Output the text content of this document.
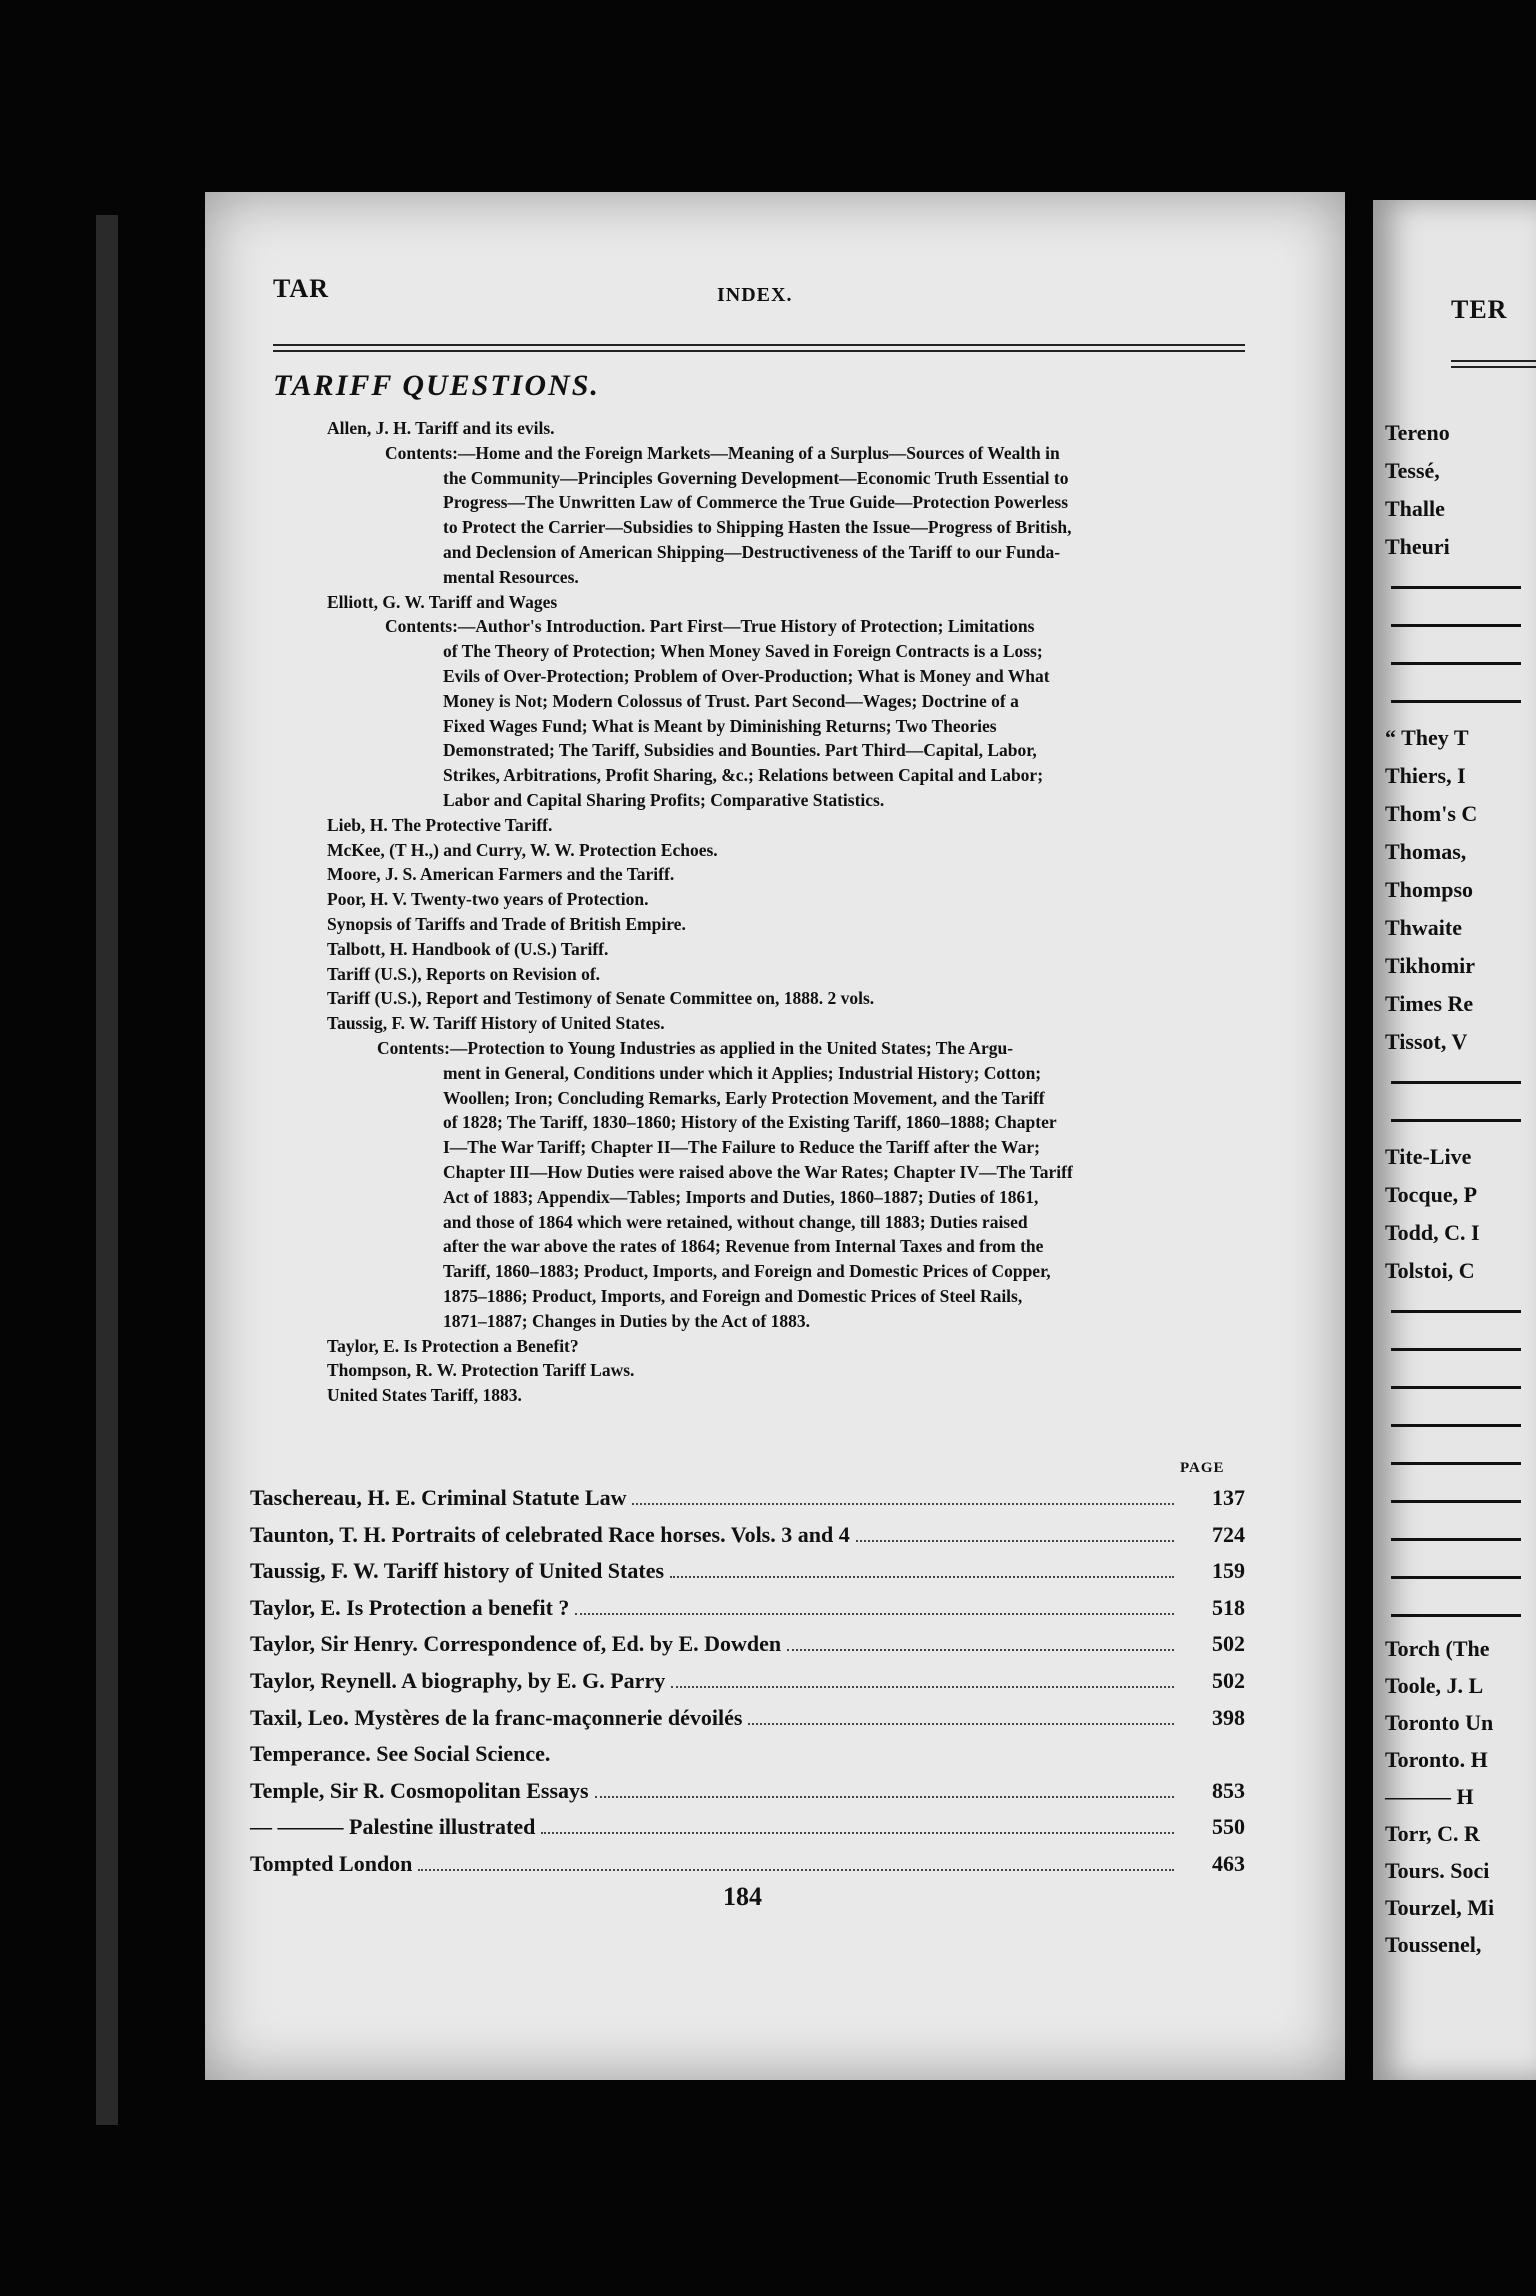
TAR	INDEX.
TARIFF QUESTIONS.
Allen, J. H. Tariff and its evils.
Contents:—Home and the Foreign Markets—Meaning of a Surplus—Sources of Wealth in
the Community—Principles Governing Development—Economic Truth Essential to
Progress—The Unwritten Law of Commerce the True Guide—Protection Powerless
to Protect the Carrier—Subsidies to Shipping Hasten the Issue—Progress of British,
and Declension of American Shipping—Destructiveness of the Tariff to our Funda-
mental Resources.
Elliott, G. W. Tariff and Wages
Contents:—Author's Introduction. Part First—True History of Protection; Limitations
of The Theory of Protection; When Money Saved in Foreign Contracts is a Loss;
Evils of Over-Protection; Problem of Over-Production; What is Money and What
Money is Not; Modern Colossus of Trust. Part Second—Wages; Doctrine of a
Fixed Wages Fund; What is Meant by Diminishing Returns; Two Theories
Demonstrated; The Tariff, Subsidies and Bounties. Part Third—Capital, Labor,
Strikes, Arbitrations, Profit Sharing, &c.; Relations between Capital and Labor;
Labor and Capital Sharing Profits; Comparative Statistics.
Lieb, H. The Protective Tariff.
McKee, (T H.,) and Curry, W. W. Protection Echoes.
Moore, J. S. American Farmers and the Tariff.
Poor, H. V. Twenty-two years of Protection.
Synopsis of Tariffs and Trade of British Empire.
Talbott, H. Handbook of (U.S.) Tariff.
Tariff (U.S.), Reports on Revision of.
Tariff (U.S.), Report and Testimony of Senate Committee on, 1888. 2 vols.
Taussig, F. W. Tariff History of United States.
Contents:—Protection to Young Industries as applied in the United States; The Argu-
ment in General, Conditions under which it Applies; Industrial History; Cotton;
Woollen; Iron; Concluding Remarks, Early Protection Movement, and the Tariff
of 1828; The Tariff, 1830–1860; History of the Existing Tariff, 1860–1888; Chapter
I—The War Tariff; Chapter II—The Failure to Reduce the Tariff after the War;
Chapter III—How Duties were raised above the War Rates; Chapter IV—The Tariff
Act of 1883; Appendix—Tables; Imports and Duties, 1860–1887; Duties of 1861,
and those of 1864 which were retained, without change, till 1883; Duties raised
after the war above the rates of 1864; Revenue from Internal Taxes and from the
Tariff, 1860–1883; Product, Imports, and Foreign and Domestic Prices of Copper,
1875–1886; Product, Imports, and Foreign and Domestic Prices of Steel Rails,
1871–1887; Changes in Duties by the Act of 1883.
Taylor, E. Is Protection a Benefit?
Thompson, R. W. Protection Tariff Laws.
United States Tariff, 1883.
PAGE
Taschereau, H. E. Criminal Statute Law	137
Taunton, T. H. Portraits of celebrated Race horses. Vols. 3 and 4	724
Taussig, F. W. Tariff history of United States	159
Taylor, E. Is Protection a benefit ?	518
Taylor, Sir Henry. Correspondence of, Ed. by E. Dowden	502
Taylor, Reynell. A biography, by E. G. Parry	502
Taxil, Leo. Mystères de la franc-maçonnerie dévoilés	398
Temperance. See Social Science.
Temple, Sir R. Cosmopolitan Essays	853
— ——— Palestine illustrated	550
Tompted London	463
184
TER
Tereno
Tessé,
Thalle
Theuri
“ They T
Thiers, I
Thom's C
Thomas,
Thompso
Thwaite
Tikhomir
Times Re
Tissot, V
Tite-Live
Tocque, P
Todd, C. I
Tolstoi, C
Torch (The
Toole, J. L
Toronto Un
Toronto. H
——— H
Torr, C. R
Tours. Soci
Tourzel, Mi
Toussenel,
